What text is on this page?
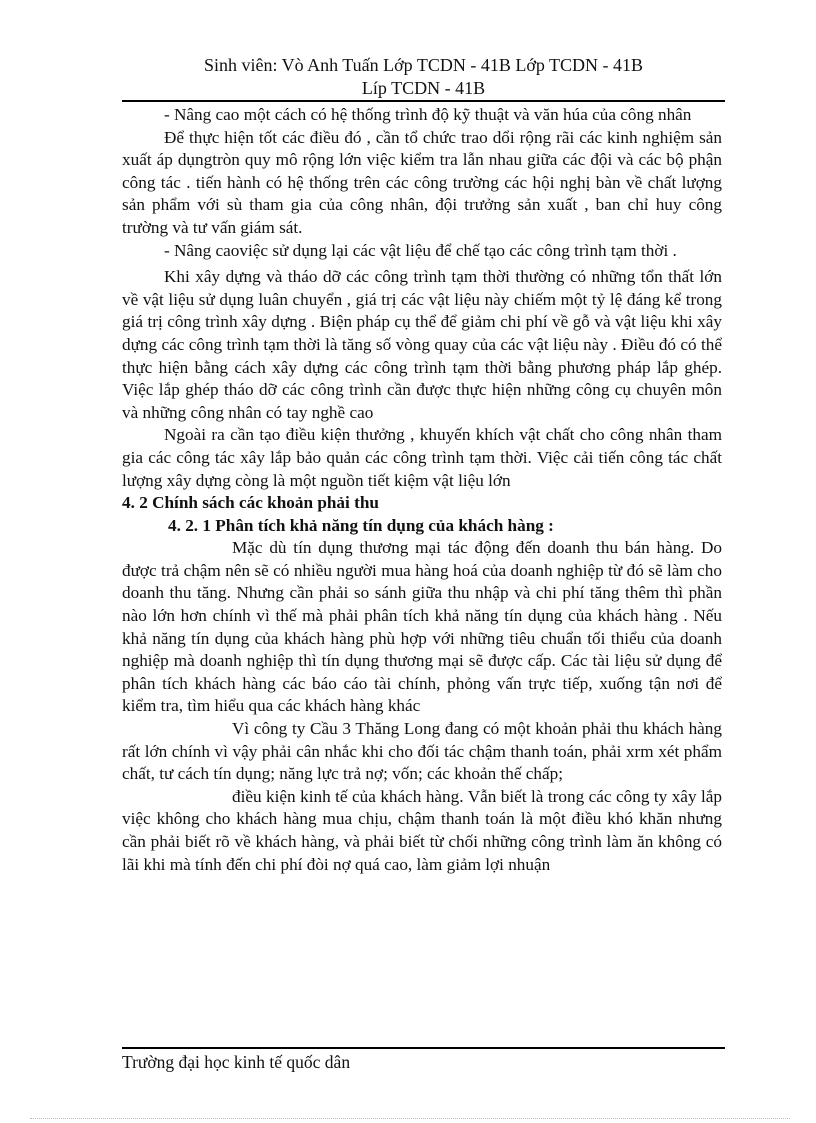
Sinh viên: Vò Anh Tuấn Lớp TCDN - 41B Lớp TCDN - 41B
Líp TCDN - 41B

- Nâng cao một cách có hệ thống trình độ kỹ thuật và văn húa của công nhân

Để thực hiện tốt các điều đó , cần tổ chức trao dổi rộng rãi các kinh nghiệm sản xuất áp dụngtròn quy mô rộng lớn việc kiểm tra lẫn nhau giữa các đội và các bộ phận công tác . tiến hành có hệ thống trên các công trường các hội nghị bàn về chất lượng sản phẩm với sù tham gia của công nhân, đội trưởng sản xuất , ban chỉ huy công trường và tư vấn giám sát.

- Nâng caoviệc sử dụng lại các vật liệu để chế tạo các công trình tạm thời .

Khi xây dựng và tháo dỡ các công trình tạm thời thường có những tổn thất lớn về vật liệu sử dụng luân chuyển , giá trị các vật liệu này chiếm một tỷ lệ đáng kể trong giá trị công trình xây dựng . Biện pháp cụ thể để giảm chi phí về gỗ và vật liệu khi xây dựng các công trình tạm thời là tăng số vòng quay của các vật liệu này . Điều đó có thể thực hiện bằng cách xây dựng các công trình tạm thời bằng phương pháp lắp ghép. Việc lắp ghép tháo dỡ các công trình cần được thực hiện những công cụ chuyên môn và những công nhân có tay nghề cao

Ngoài ra cần tạo điều kiện thưởng , khuyến khích vật chất cho công nhân tham gia các công tác xây lắp bảo quản các công trình tạm thời. Việc cải tiến công tác chất lượng xây dựng còng là một nguồn tiết kiệm vật liệu lớn

4. 2 Chính sách các khoản phải thu

4. 2. 1 Phân tích khả năng tín dụng của khách hàng :

Mặc dù tín dụng thương mại tác động đến doanh thu bán hàng. Do được trả chậm nên sẽ có nhiều người mua hàng hoá của doanh nghiệp từ đó sẽ làm cho doanh thu tăng. Nhưng cần phải so sánh giữa thu nhập và chi phí tăng thêm thì phần nào lớn hơn chính vì thế mà phải phân tích khả năng tín dụng của khách hàng . Nếu khả năng tín dụng của khách hàng phù hợp với những tiêu chuẩn tối thiểu của doanh nghiệp mà doanh nghiệp thì tín dụng thương mại sẽ được cấp. Các tài liệu sử dụng để phân tích khách hàng các báo cáo tài chính, phỏng vấn trực tiếp, xuống tận nơi để kiểm tra, tìm hiểu qua các khách hàng khác

Vì công ty Cầu 3 Thăng Long đang có một khoản phải thu khách hàng rất lớn chính vì vậy phải cân nhắc khi cho đối tác chậm thanh toán, phải xrm xét phẩm chất, tư cách tín dụng; năng lực trả nợ; vốn; các khoản thế chấp;

điều kiện kinh tế của khách hàng. Vẫn biết là trong các công ty xây lắp việc không cho khách hàng mua chịu, chậm thanh toán là một điều khó khăn nhưng cần phải biết rõ về khách hàng, và phải biết từ chối những công trình làm ăn không có lãi khi mà tính đến chi phí đòi nợ quá cao, làm giảm lợi nhuận

Trường đại học kinh tế quốc dân
